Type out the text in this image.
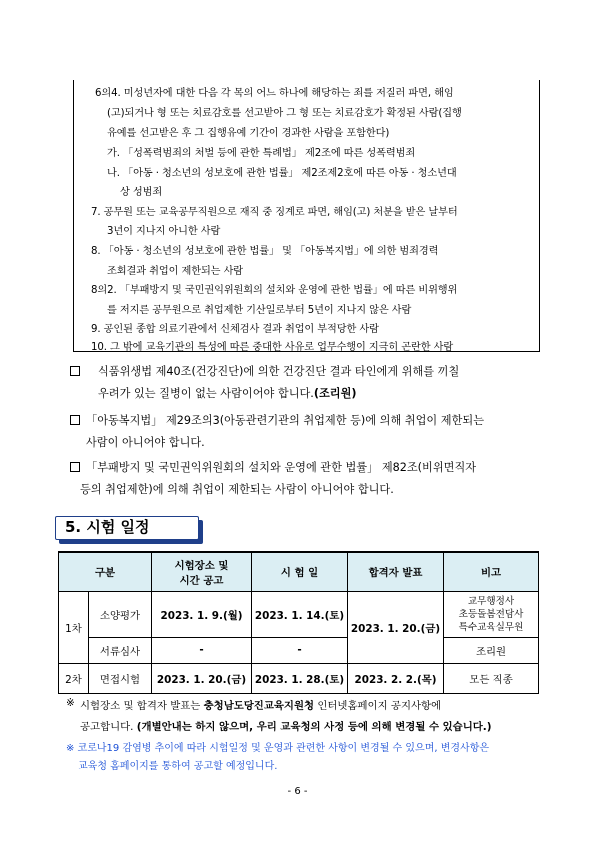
6의4. 미성년자에 대한 다음 각 목의 어느 하나에 해당하는 죄를 저질러 파면, 해임
(고)되거나 형 또는 치료감호를 선고받아 그 형 또는 치료감호가 확정된 사람(집행
유예를 선고받은 후 그 집행유예 기간이 경과한 사람을 포함한다)
가. 「성폭력범죄의 처벌 등에 관한 특례법」 제2조에 따른 성폭력범죄
나. 「아동 · 청소년의 성보호에 관한 법률」 제2조제2호에 따른 아동 · 청소년대
상 성범죄
7. 공무원 또는 교육공무직원으로 재직 중 징계로 파면, 해임(고) 처분을 받은 날부터
3년이 지나지 아니한 사람
8. 「아동 · 청소년의 성보호에 관한 법률」 및 「아동복지법」에 의한 범죄경력
조회결과 취업이 제한되는 사람
8의2. 「부패방지 및 국민권익위원회의 설치와 운영에 관한 법률」에 따른 비위행위
를 저지른 공무원으로 취업제한 기산일로부터 5년이 지나지 않은 사람
9. 공인된 종합 의료기관에서 신체검사 결과 취업이 부적당한 사람
10. 그 밖에 교육기관의 특성에 따른 중대한 사유로 업무수행이 지극히 곤란한 사람
식품위생법 제40조(건강진단)에 의한 건강진단 결과 타인에게 위해를 끼칠
우려가 있는 질병이 없는 사람이어야 합니다.(조리원)
「아동복지법」 제29조의3(아동관련기관의 취업제한 등)에 의해 취업이 제한되는
사람이 아니어야 합니다.
「부패방지 및 국민권익위원회의 설치와 운영에 관한 법률」 제82조(비위면직자
등의 취업제한)에 의해 취업이 제한되는 사람이 아니어야 합니다.
5. 시험 일정
구분		시험장소 및
시간 공고	시 험 일	합격자 발표	비고
1차	소양평가	2023. 1. 9.(월)	2023. 1. 14.(토)	2023. 1. 20.(금)	교무행정사
초등돌봄전담사
특수교육실무원

	서류심사	-	-		조리원
2차	면접시험	2023. 1. 20.(금)	2023. 1. 28.(토)	2023. 2. 2.(목)	모든 직종
※ 시험장소 및 합격자 발표는 충청남도당진교육지원청 인터넷홈페이지 공지사항에
공고합니다. (개별안내는 하지 않으며, 우리 교육청의 사정 등에 의해 변경될 수 있습니다.)
※ 코로나19 감염병 추이에 따라 시험일정 및 운영과 관련한 사항이 변경될 수 있으며, 변경사항은
교육청 홈페이지를 통하여 공고할 예정입니다.
- 6 -
